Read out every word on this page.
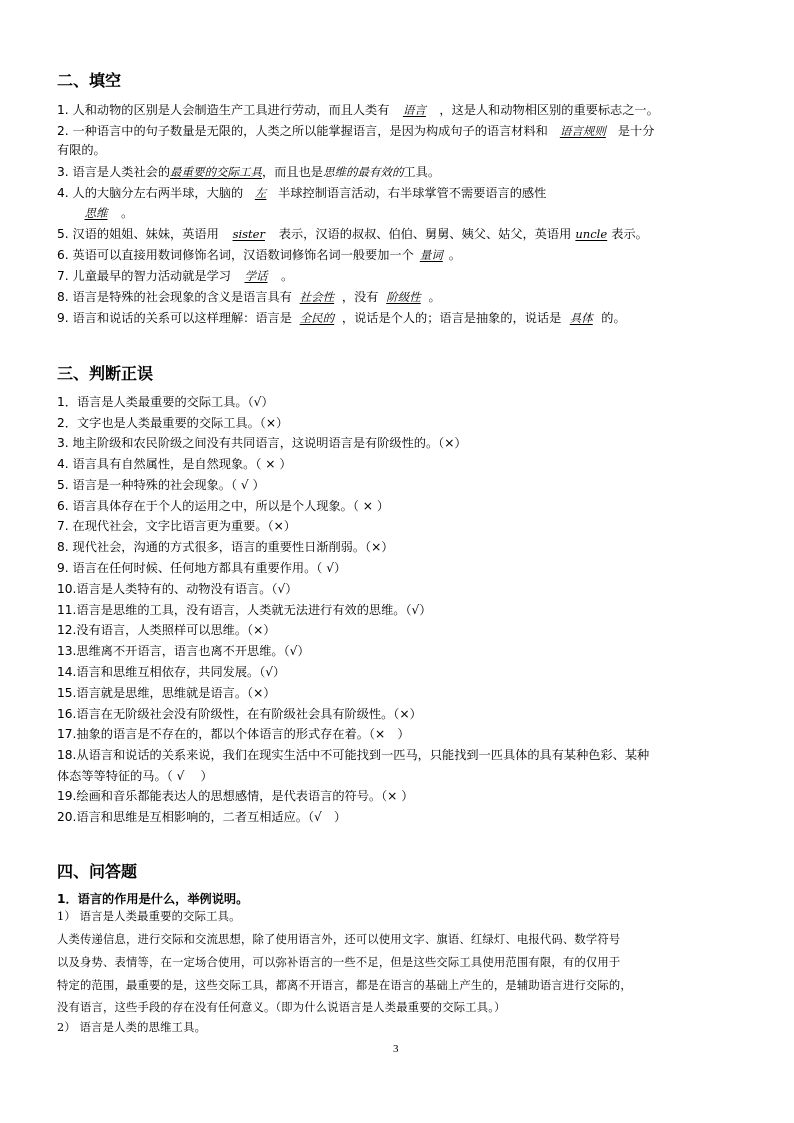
二、填空
1. 人和动物的区别是人会制造生产工具进行劳动，而且人类有 语言 ，这是人和动物相区别的重要标志之一。
2. 一种语言中的句子数量是无限的，人类之所以能掌握语言，是因为构成句子的语言材料和 语言规则 是十分
有限的。
3. 语言是人类社会的最重要的交际工具，而且也是思维的最有效的工具。
4. 人的大脑分左右两半球，大脑的 左 半球控制语言活动，右半球掌管不需要语言的感性
思维 。
5. 汉语的姐姐、妹妹，英语用 sister 表示，汉语的叔叔、伯伯、舅舅、姨父、姑父，英语用 uncle 表示。
6. 英语可以直接用数词修饰名词，汉语数词修饰名词一般要加一个 量词 。
7. 儿童最早的智力活动就是学习 学话 。
8. 语言是特殊的社会现象的含义是语言具有 社会性 ，没有 阶级性 。
9. 语言和说话的关系可以这样理解：语言是 全民的 ，说话是个人的；语言是抽象的，说话是 具体 的。
三、判断正误
1．语言是人类最重要的交际工具。（√）
2．文字也是人类最重要的交际工具。（×）
3. 地主阶级和农民阶级之间没有共同语言，这说明语言是有阶级性的。（×）
4. 语言具有自然属性，是自然现象。（ × ）
5. 语言是一种特殊的社会现象。（ √ ）
6. 语言具体存在于个人的运用之中，所以是个人现象。（ × ）
7. 在现代社会，文字比语言更为重要。（×）
8. 现代社会，沟通的方式很多，语言的重要性日渐削弱。（×）
9. 语言在任何时候、任何地方都具有重要作用。（ √）
10.语言是人类特有的、动物没有语言。（√）
11.语言是思维的工具，没有语言，人类就无法进行有效的思维。（√）
12.没有语言，人类照样可以思维。（×）
13.思维离不开语言，语言也离不开思维。（√）
14.语言和思维互相依存，共同发展。（√）
15.语言就是思维，思维就是语言。（×）
16.语言在无阶级社会没有阶级性，在有阶级社会具有阶级性。（×）
17.抽象的语言是不存在的，都以个体语言的形式存在着。（×　）
18.从语言和说话的关系来说，我们在现实生活中不可能找到一匹马，只能找到一匹具体的具有某种色彩、某种
体态等等特征的马。（ √　 ）
19.绘画和音乐都能表达人的思想感情，是代表语言的符号。（× ）
20.语言和思维是互相影响的，二者互相适应。（√　）
四、问答题
1．语言的作用是什么，举例说明。
1） 语言是人类最重要的交际工具。
人类传递信息，进行交际和交流思想，除了使用语言外，还可以使用文字、旗语、红绿灯、电报代码、数学符号
以及身势、表情等，在一定场合使用，可以弥补语言的一些不足，但是这些交际工具使用范围有限，有的仅用于
特定的范围，最重要的是，这些交际工具，都离不开语言，都是在语言的基础上产生的，是辅助语言进行交际的，
没有语言，这些手段的存在没有任何意义。（即为什么说语言是人类最重要的交际工具。）
2） 语言是人类的思维工具。
3
